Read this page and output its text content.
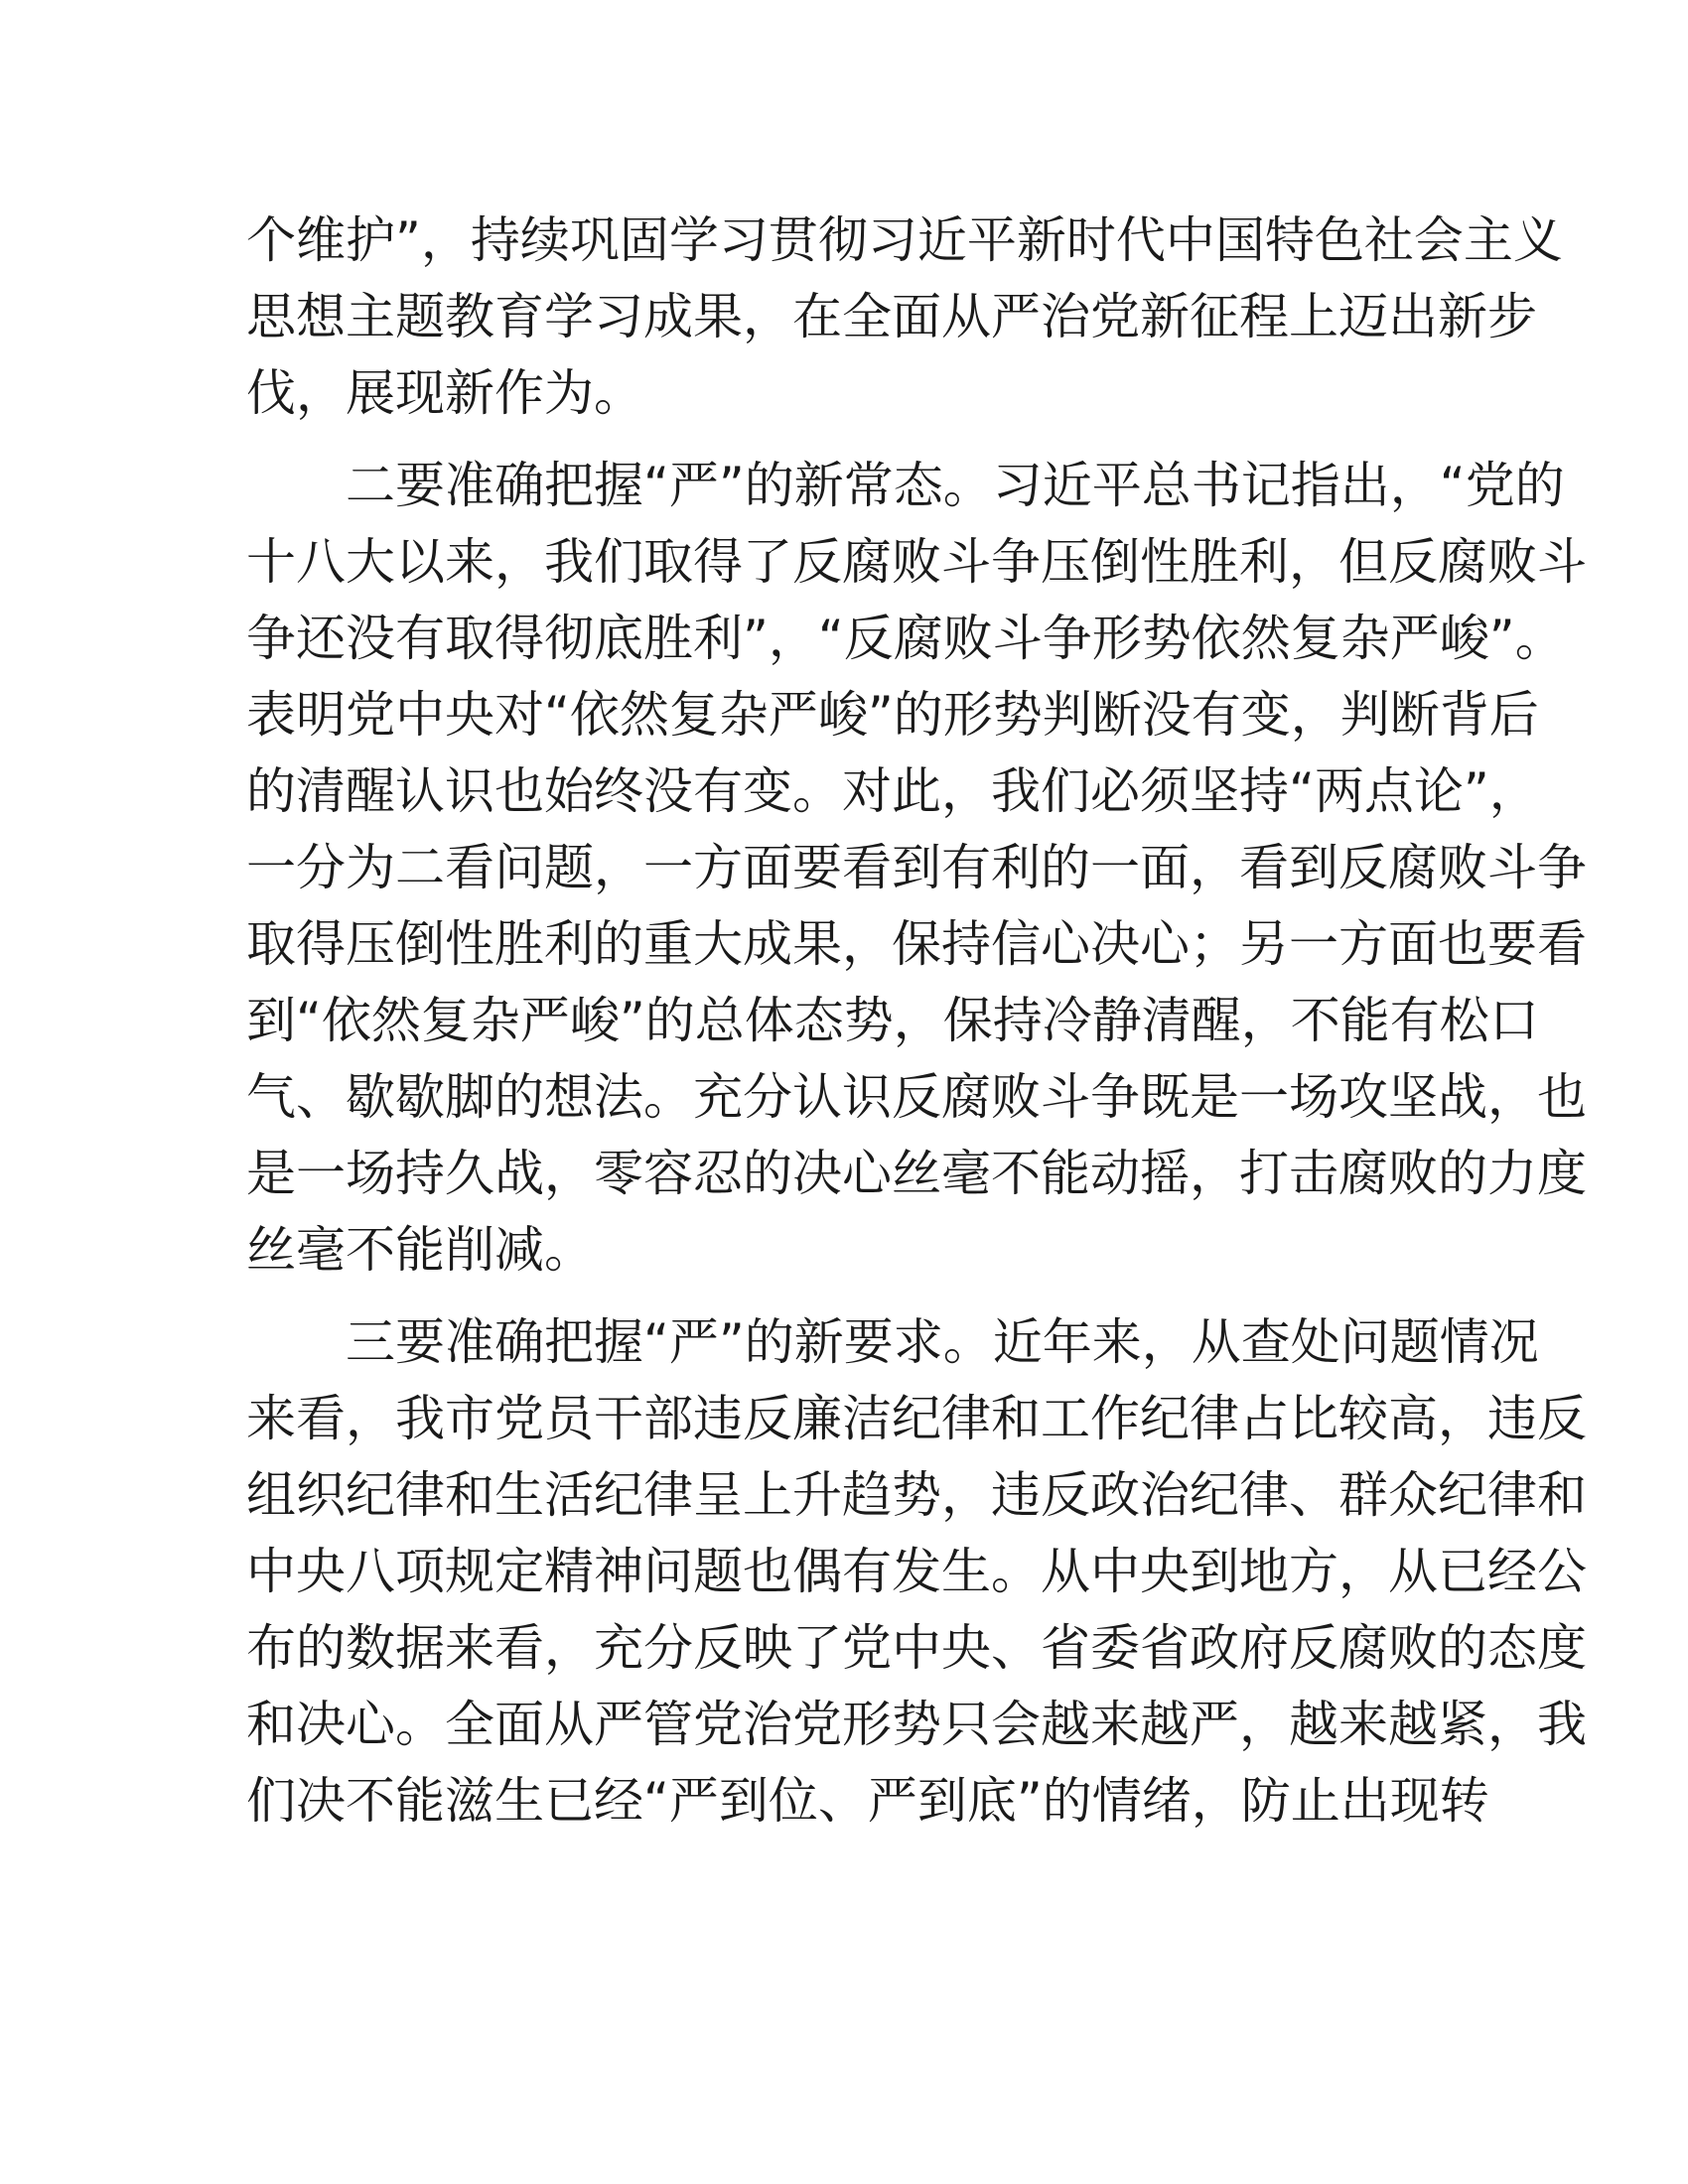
个维护”，持续巩固学习贯彻习近平新时代中国特色社会主义
思想主题教育学习成果，在全面从严治党新征程上迈出新步
伐，展现新作为。
二要准确把握“严”的新常态。习近平总书记指出，“党的
十八大以来，我们取得了反腐败斗争压倒性胜利，但反腐败斗
争还没有取得彻底胜利”，“反腐败斗争形势依然复杂严峻”。
表明党中央对“依然复杂严峻”的形势判断没有变，判断背后
的清醒认识也始终没有变。对此，我们必须坚持“两点论”，
一分为二看问题，一方面要看到有利的一面，看到反腐败斗争
取得压倒性胜利的重大成果，保持信心决心；另一方面也要看
到“依然复杂严峻”的总体态势，保持冷静清醒，不能有松口
气、歇歇脚的想法。充分认识反腐败斗争既是一场攻坚战，也
是一场持久战，零容忍的决心丝毫不能动摇，打击腐败的力度
丝毫不能削减。
三要准确把握“严”的新要求。近年来，从查处问题情况
来看，我市党员干部违反廉洁纪律和工作纪律占比较高，违反
组织纪律和生活纪律呈上升趋势，违反政治纪律、群众纪律和
中央八项规定精神问题也偶有发生。从中央到地方，从已经公
布的数据来看，充分反映了党中央、省委省政府反腐败的态度
和决心。全面从严管党治党形势只会越来越严，越来越紧，我
们决不能滋生已经“严到位、严到底”的情绪，防止出现转
